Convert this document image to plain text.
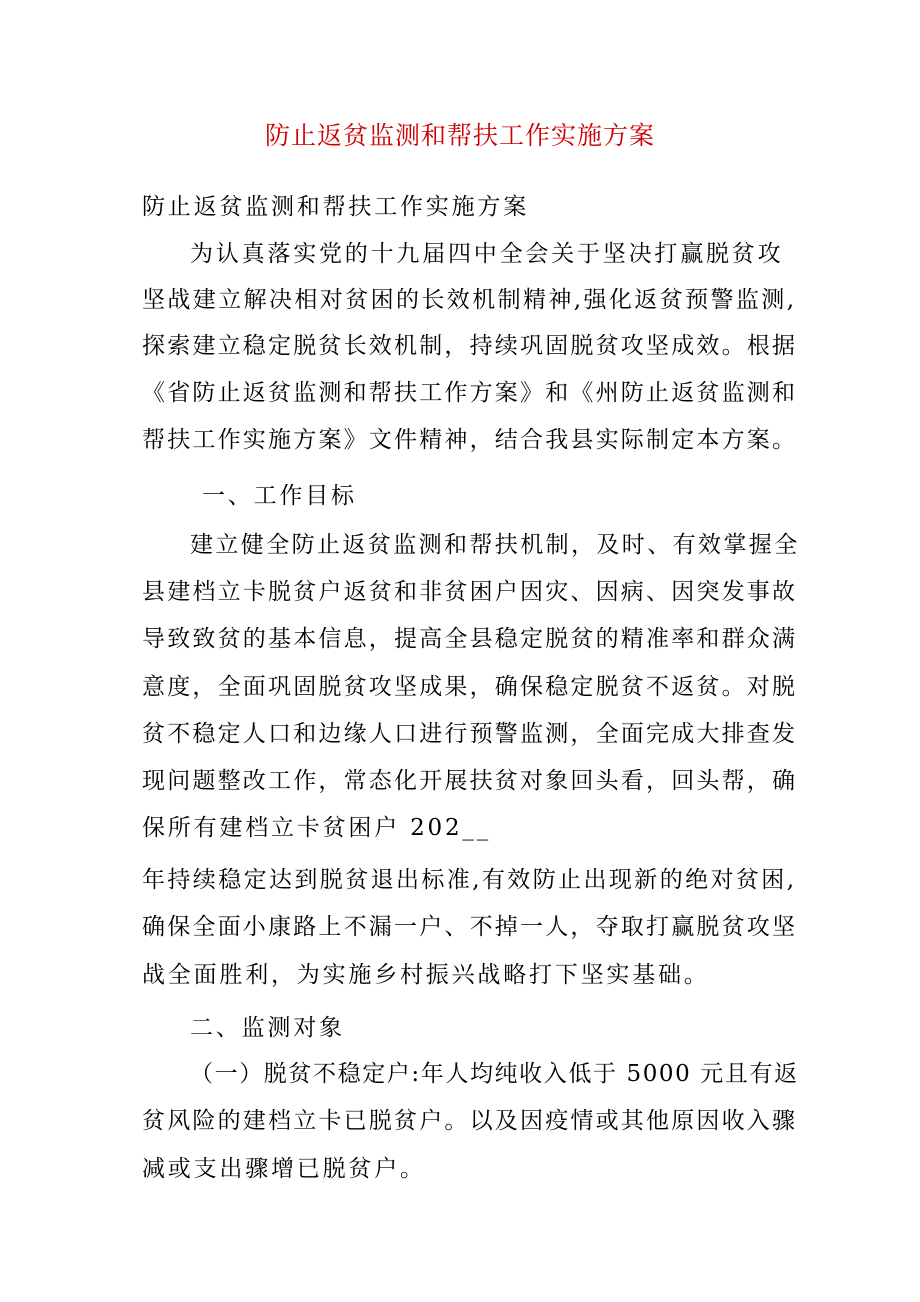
防止返贫监测和帮扶工作实施方案
防止返贫监测和帮扶工作实施方案
为认真落实党的十九届四中全会关于坚决打赢脱贫攻
坚战建立解决相对贫困的长效机制精神,强化返贫预警监测,
探索建立稳定脱贫长效机制，持续巩固脱贫攻坚成效。根据
《省防止返贫监测和帮扶工作方案》和《州防止返贫监测和
帮扶工作实施方案》文件精神，结合我县实际制定本方案。
一、工作目标
建立健全防止返贫监测和帮扶机制，及时、有效掌握全
县建档立卡脱贫户返贫和非贫困户因灾、因病、因突发事故
导致致贫的基本信息，提高全县稳定脱贫的精准率和群众满
意度，全面巩固脱贫攻坚成果，确保稳定脱贫不返贫。对脱
贫不稳定人口和边缘人口进行预警监测，全面完成大排查发
现问题整改工作，常态化开展扶贫对象回头看，回头帮，确
保所有建档立卡贫困户 202__
年持续稳定达到脱贫退出标准,有效防止出现新的绝对贫困,
确保全面小康路上不漏一户、不掉一人，夺取打赢脱贫攻坚
战全面胜利，为实施乡村振兴战略打下坚实基础。
二、监测对象
（一）脱贫不稳定户:年人均纯收入低于 5000 元且有返
贫风险的建档立卡已脱贫户。以及因疫情或其他原因收入骤
减或支出骤增已脱贫户。
